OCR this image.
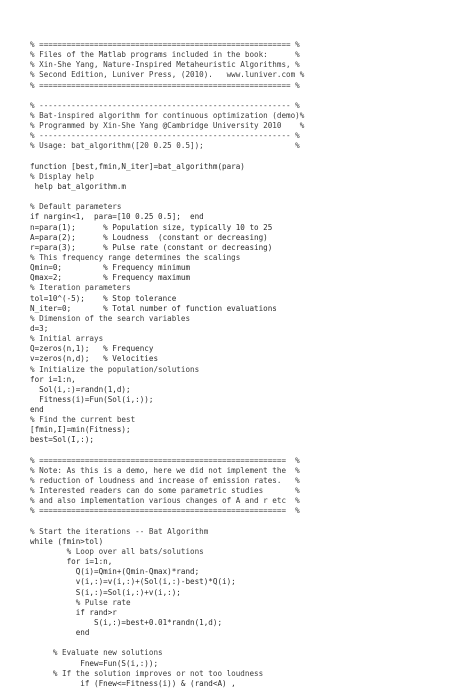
% ======================================================= %
% Files of the Matlab programs included in the book:      %
% Xin-She Yang, Nature-Inspired Metaheuristic Algorithms, %
% Second Edition, Luniver Press, (2010).   www.luniver.com %
% ======================================================= %
% ------------------------------------------------------- %
% Bat-inspired algorithm for continuous optimization (demo)%
% Programmed by Xin-She Yang @Cambridge University 2010    %
% ------------------------------------------------------- %
% Usage: bat_algorithm([20 0.25 0.5]);                    %
function [best,fmin,N_iter]=bat_algorithm(para)
% Display help
help bat_algorithm.m
% Default parameters
if nargin<1,  para=[10 0.25 0.5];  end
n=para(1);      % Population size, typically 10 to 25
A=para(2);      % Loudness  (constant or decreasing)
r=para(3);      % Pulse rate (constant or decreasing)
% This frequency range determines the scalings
Qmin=0;         % Frequency minimum
Qmax=2;         % Frequency maximum
% Iteration parameters
tol=10^(-5);    % Stop tolerance
N_iter=0;       % Total number of function evaluations
% Dimension of the search variables
d=3;
% Initial arrays
Q=zeros(n,1);   % Frequency
v=zeros(n,d);   % Velocities
% Initialize the population/solutions
for i=1:n,
Sol(i,:)=randn(1,d);
Fitness(i)=Fun(Sol(i,:));
end
% Find the current best
[fmin,I]=min(Fitness);
best=Sol(I,:);
% ======================================================  %
% Note: As this is a demo, here we did not implement the  %
% reduction of loudness and increase of emission rates.   %
% Interested readers can do some parametric studies       %
% and also implementation various changes of A and r etc  %
% ======================================================  %
% Start the iterations -- Bat Algorithm
while (fmin>tol)
% Loop over all bats/solutions
for i=1:n,
Q(i)=Qmin+(Qmin-Qmax)*rand;
v(i,:)=v(i,:)+(Sol(i,:)-best)*Q(i);
S(i,:)=Sol(i,:)+v(i,:);
% Pulse rate
if rand>r
S(i,:)=best+0.01*randn(1,d);
end
% Evaluate new solutions
Fnew=Fun(S(i,:));
% If the solution improves or not too loudness
if (Fnew<=Fitness(i)) & (rand<A) ,
